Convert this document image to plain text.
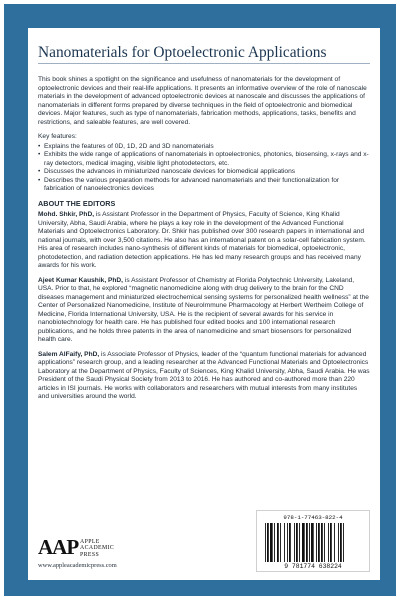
Nanomaterials for Optoelectronic Applications

This book shines a spotlight on the significance and usefulness of nanomaterials for the development of optoelectronic devices and their real-life applications. It presents an informative overview of the role of nanoscale materials in the development of advanced optoelectronic devices at nanoscale and discusses the applications of nanomaterials in different forms prepared by diverse techniques in the field of optoelectronic and biomedical devices. Major features, such as type of nanomaterials, fabrication methods, applications, tasks, benefits and restrictions, and saleable features, are well covered.

Key features:
• Explains the features of 0D, 1D, 2D and 3D nanomaterials
• Exhibits the wide range of applications of nanomaterials in optoelectronics, photonics, biosensing, x-rays and x-ray detectors, medical imaging, visible light photodetectors, etc.
• Discusses the advances in miniaturized nanoscale devices for biomedical applications
• Describes the various preparation methods for advanced nanomaterials and their functionalization for fabrication of nanoelectronics devices
ABOUT THE EDITORS

Mohd. Shkir, PhD, is Assistant Professor in the Department of Physics, Faculty of Science, King Khalid University, Abha, Saudi Arabia, where he plays a key role in the development of the Advanced Functional Materials and Optoelectronics Laboratory. Dr. Shkir has published over 300 research papers in international and national journals, with over 3,500 citations. He also has an international patent on a solar-cell fabrication system. His area of research includes nano-synthesis of different kinds of materials for biomedical, optoelectronic, photodetection, and radiation detection applications. He has led many research groups and has received many awards for his work.

Ajeet Kumar Kaushik, PhD, is Assistant Professor of Chemistry at Florida Polytechnic University, Lakeland, USA. Prior to that, he explored “magnetic nanomedicine along with drug delivery to the brain for the CND diseases management and miniaturized electrochemical sensing systems for personalized health wellness” at the Center of Personalized Nanomedicine, Institute of NeuroImmune Pharmacology at Herbert Wertheim College of Medicine, Florida International University, USA. He is the recipient of several awards for his service in nanobiotechnology for health care. He has published four edited books and 100 international research publications, and he holds three patents in the area of nanomedicine and smart biosensors for personalized health care.

Salem AlFaify, PhD, is Associate Professor of Physics, leader of the “quantum functional materials for advanced applications” research group, and a leading researcher at the Advanced Functional Materials and Optoelectronics Laboratory at the Department of Physics, Faculty of Sciences, King Khalid University, Abha, Saudi Arabia. He was President of the Saudi Physical Society from 2013 to 2016. He has authored and co-authored more than 220 articles in ISI journals. He works with collaborators and researchers with mutual interests from many institutes and universities around the world.

AAP APPLE
ACADEMIC
PRESS
www.appleacademicpress.com
978-1-77463-822-4
9 781774 638224
